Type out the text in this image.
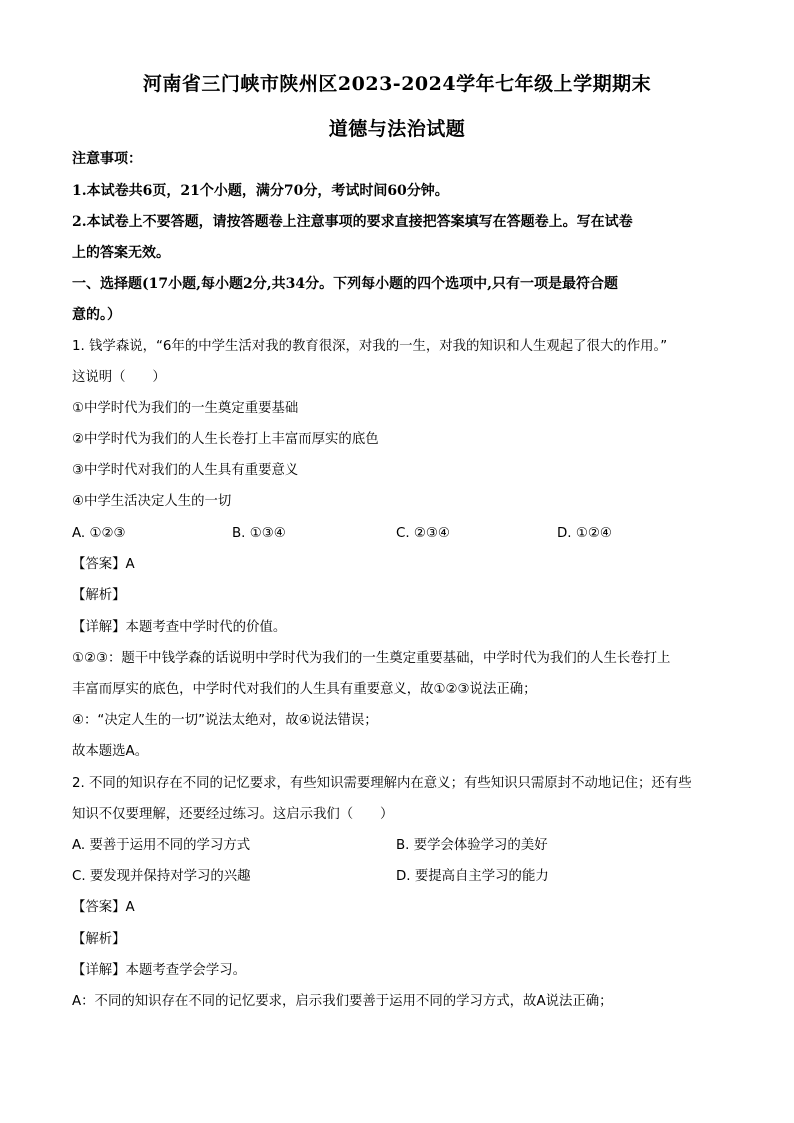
河南省三门峡市陕州区2023-2024学年七年级上学期期末
道德与法治试题
注意事项：
1.本试卷共6页，21个小题，满分70分，考试时间60分钟。
2.本试卷上不要答题，请按答题卷上注意事项的要求直接把答案填写在答题卷上。写在试卷
上的答案无效。
一、选择题(17小题,每小题2分,共34分。下列每小题的四个选项中,只有一项是最符合题
意的。）
1. 钱学森说，“6年的中学生活对我的教育很深，对我的一生，对我的知识和人生观起了很大的作用。”
这说明（　　）
①中学时代为我们的一生奠定重要基础
②中学时代为我们的人生长卷打上丰富而厚实的底色
③中学时代对我们的人生具有重要意义
④中学生活决定人生的一切
A. ①②③	B. ①③④	C. ②③④	D. ①②④
【答案】A
【解析】
【详解】本题考查中学时代的价值。
①②③：题干中钱学森的话说明中学时代为我们的一生奠定重要基础，中学时代为我们的人生长卷打上
丰富而厚实的底色，中学时代对我们的人生具有重要意义，故①②③说法正确；
④：“决定人生的一切”说法太绝对，故④说法错误；
故本题选A。
2. 不同的知识存在不同的记忆要求，有些知识需要理解内在意义；有些知识只需原封不动地记住；还有些
知识不仅要理解，还要经过练习。这启示我们（　　）
A. 要善于运用不同的学习方式	B. 要学会体验学习的美好
C. 要发现并保持对学习的兴趣	D. 要提高自主学习的能力
【答案】A
【解析】
【详解】本题考查学会学习。
A：不同的知识存在不同的记忆要求，启示我们要善于运用不同的学习方式，故A说法正确；
